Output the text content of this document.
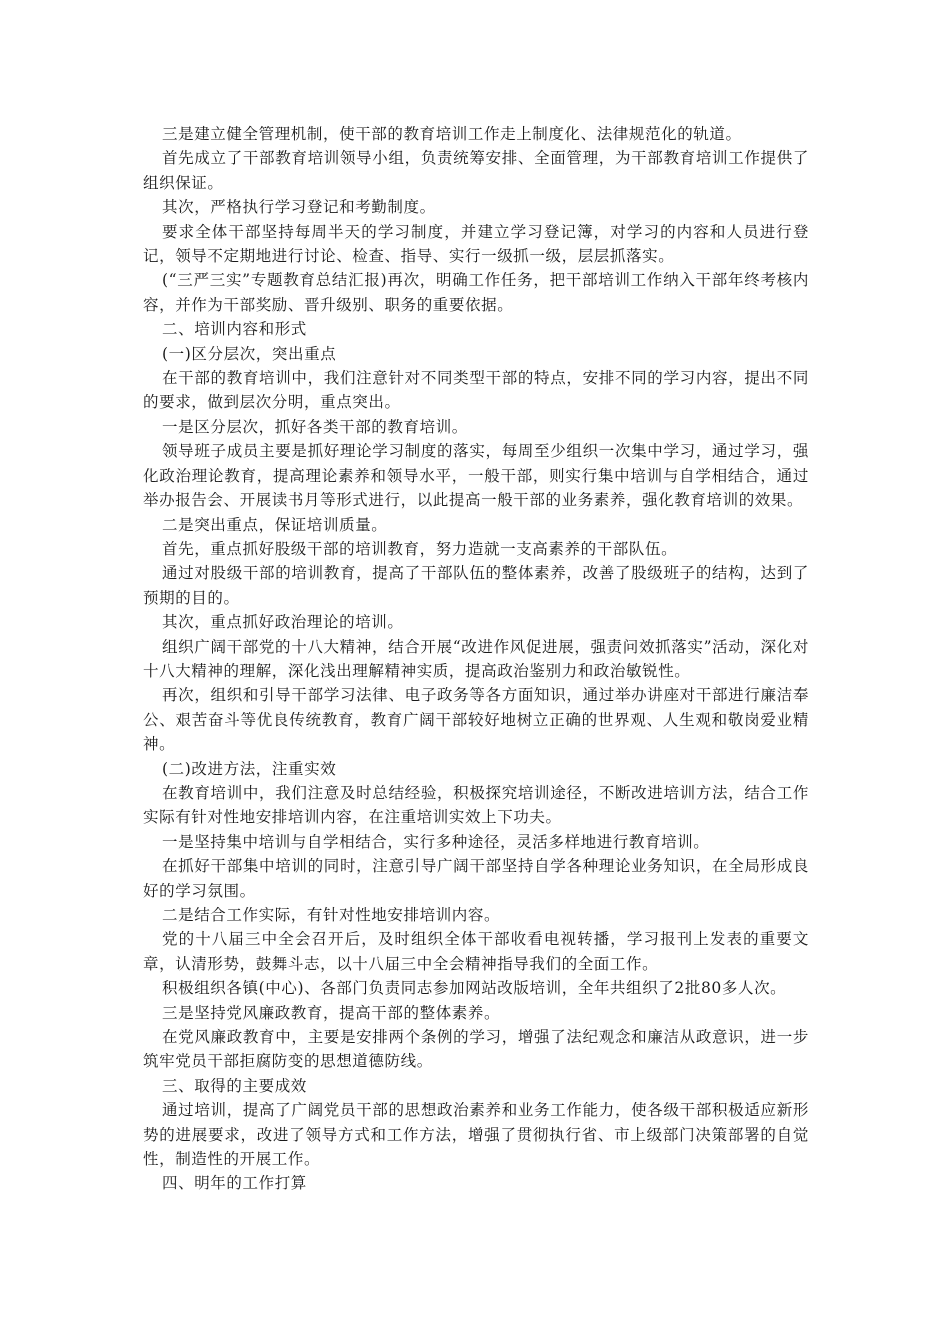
三是建立健全管理机制，使干部的教育培训工作走上制度化、法律规范化的轨道。

首先成立了干部教育培训领导小组，负责统筹安排、全面管理，为干部教育培训工作提供了组织保证。

其次，严格执行学习登记和考勤制度。

要求全体干部坚持每周半天的学习制度，并建立学习登记簿，对学习的内容和人员进行登记，领导不定期地进行讨论、检查、指导、实行一级抓一级，层层抓落实。

(“三严三实”专题教育总结汇报)再次，明确工作任务，把干部培训工作纳入干部年终考核内容，并作为干部奖励、晋升级别、职务的重要依据。

二、培训内容和形式

(一)区分层次，突出重点

在干部的教育培训中，我们注意针对不同类型干部的特点，安排不同的学习内容，提出不同的要求，做到层次分明，重点突出。

一是区分层次，抓好各类干部的教育培训。

领导班子成员主要是抓好理论学习制度的落实，每周至少组织一次集中学习，通过学习，强化政治理论教育，提高理论素养和领导水平，一般干部，则实行集中培训与自学相结合，通过举办报告会、开展读书月等形式进行，以此提高一般干部的业务素养，强化教育培训的效果。

二是突出重点，保证培训质量。

首先，重点抓好股级干部的培训教育，努力造就一支高素养的干部队伍。

通过对股级干部的培训教育，提高了干部队伍的整体素养，改善了股级班子的结构，达到了预期的目的。

其次，重点抓好政治理论的培训。

组织广阔干部党的十八大精神，结合开展“改进作风促进展，强责问效抓落实”活动，深化对十八大精神的理解，深化浅出理解精神实质，提高政治鉴别力和政治敏锐性。

再次，组织和引导干部学习法律、电子政务等各方面知识，通过举办讲座对干部进行廉洁奉公、艰苦奋斗等优良传统教育，教育广阔干部较好地树立正确的世界观、人生观和敬岗爱业精神。

(二)改进方法，注重实效

在教育培训中，我们注意及时总结经验，积极探究培训途径，不断改进培训方法，结合工作实际有针对性地安排培训内容，在注重培训实效上下功夫。

一是坚持集中培训与自学相结合，实行多种途径，灵活多样地进行教育培训。

在抓好干部集中培训的同时，注意引导广阔干部坚持自学各种理论业务知识，在全局形成良好的学习氛围。

二是结合工作实际，有针对性地安排培训内容。

党的十八届三中全会召开后，及时组织全体干部收看电视转播，学习报刊上发表的重要文章，认清形势，鼓舞斗志，以十八届三中全会精神指导我们的全面工作。

积极组织各镇(中心)、各部门负责同志参加网站改版培训，全年共组织了2批80多人次。

三是坚持党风廉政教育，提高干部的整体素养。

在党风廉政教育中，主要是安排两个条例的学习，增强了法纪观念和廉洁从政意识，进一步筑牢党员干部拒腐防变的思想道德防线。

三、取得的主要成效

通过培训，提高了广阔党员干部的思想政治素养和业务工作能力，使各级干部积极适应新形势的进展要求，改进了领导方式和工作方法，增强了贯彻执行省、市上级部门决策部署的自觉性，制造性的开展工作。

四、明年的工作打算
